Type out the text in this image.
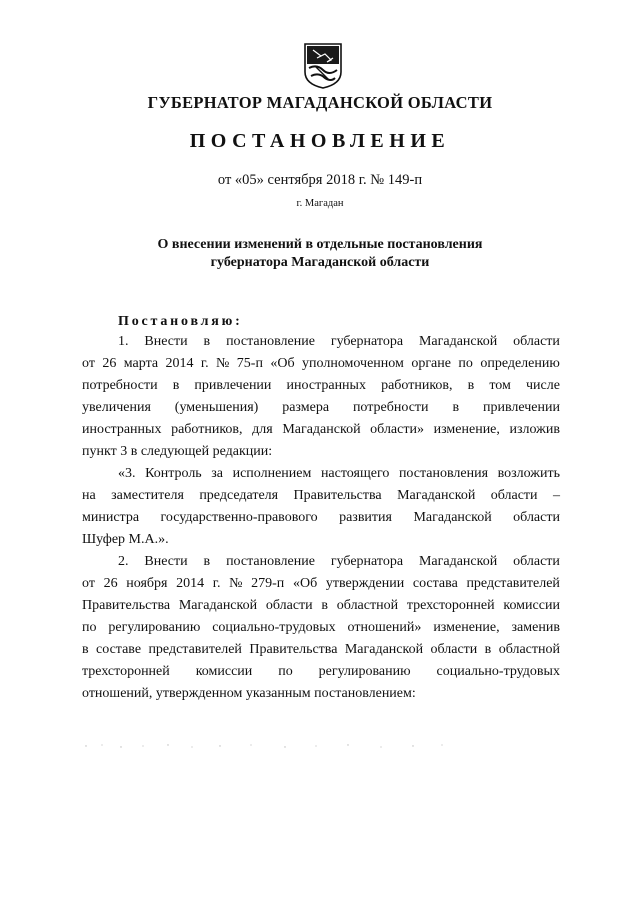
ГУБЕРНАТОР МАГАДАНСКОЙ ОБЛАСТИ
ПОСТАНОВЛЕНИЕ
от «05» сентября 2018 г. № 149-п
г. Магадан
О внесении изменений в отдельные постановления
губернатора Магаданской области
Постановляю:
1. Внести в постановление губернатора Магаданской области
от 26 марта 2014 г. № 75-п «Об уполномоченном органе по определению
потребности в привлечении иностранных работников, в том числе
увеличения (уменьшения) размера потребности в привлечении
иностранных работников, для Магаданской области» изменение, изложив
пункт 3 в следующей редакции:
«3. Контроль за исполнением настоящего постановления возложить
на заместителя председателя Правительства Магаданской области –
министра государственно-правового развития Магаданской области
Шуфер М.А.».
2. Внести в постановление губернатора Магаданской области
от 26 ноября 2014 г. № 279-п «Об утверждении состава представителей
Правительства Магаданской области в областной трехсторонней комиссии
по регулированию социально-трудовых отношений» изменение, заменив
в составе представителей Правительства Магаданской области в областной
трехсторонней комиссии по регулированию социально-трудовых
отношений, утвержденном указанным постановлением:
